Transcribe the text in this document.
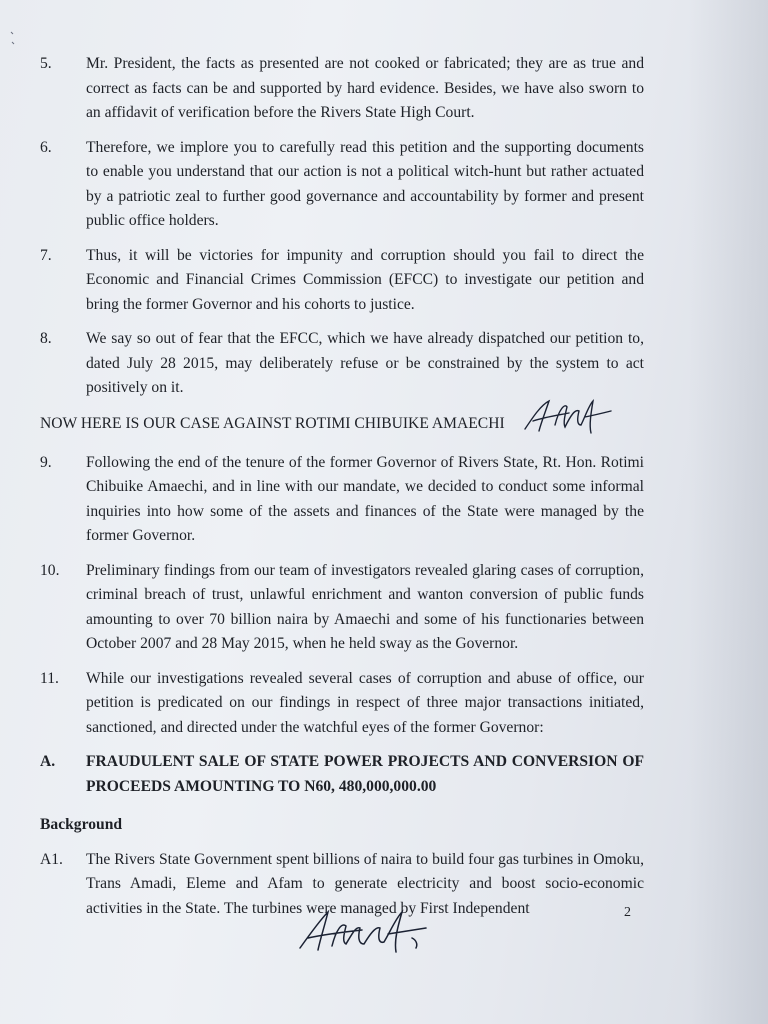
5.	Mr. President, the facts as presented are not cooked or fabricated; they are as true and correct as facts can be and supported by hard evidence. Besides, we have also sworn to an affidavit of verification before the Rivers State High Court.
6.	Therefore, we implore you to carefully read this petition and the supporting documents to enable you understand that our action is not a political witch-hunt but rather actuated by a patriotic zeal to further good governance and accountability by former and present public office holders.
7.	Thus, it will be victories for impunity and corruption should you fail to direct the Economic and Financial Crimes Commission (EFCC) to investigate our petition and bring the former Governor and his cohorts to justice.
8.	We say so out of fear that the EFCC, which we have already dispatched our petition to, dated July 28 2015, may deliberately refuse or be constrained by the system to act positively on it.
NOW HERE IS OUR CASE AGAINST ROTIMI CHIBUIKE AMAECHI
9.	Following the end of the tenure of the former Governor of Rivers State, Rt. Hon. Rotimi Chibuike Amaechi, and in line with our mandate, we decided to conduct some informal inquiries into how some of the assets and finances of the State were managed by the former Governor.
10.	Preliminary findings from our team of investigators revealed glaring cases of corruption, criminal breach of trust, unlawful enrichment and wanton conversion of public funds amounting to over 70 billion naira by Amaechi and some of his functionaries between October 2007 and 28 May 2015, when he held sway as the Governor.
11.	While our investigations revealed several cases of corruption and abuse of office, our petition is predicated on our findings in respect of three major transactions initiated, sanctioned, and directed under the watchful eyes of the former Governor:
A.	FRAUDULENT SALE OF STATE POWER PROJECTS AND CONVERSION OF PROCEEDS AMOUNTING TO N60, 480,000,000.00
Background
A1.	The Rivers State Government spent billions of naira to build four gas turbines in Omoku, Trans Amadi, Eleme and Afam to generate electricity and boost socio-economic activities in the State. The turbines were managed by First Independent	2
